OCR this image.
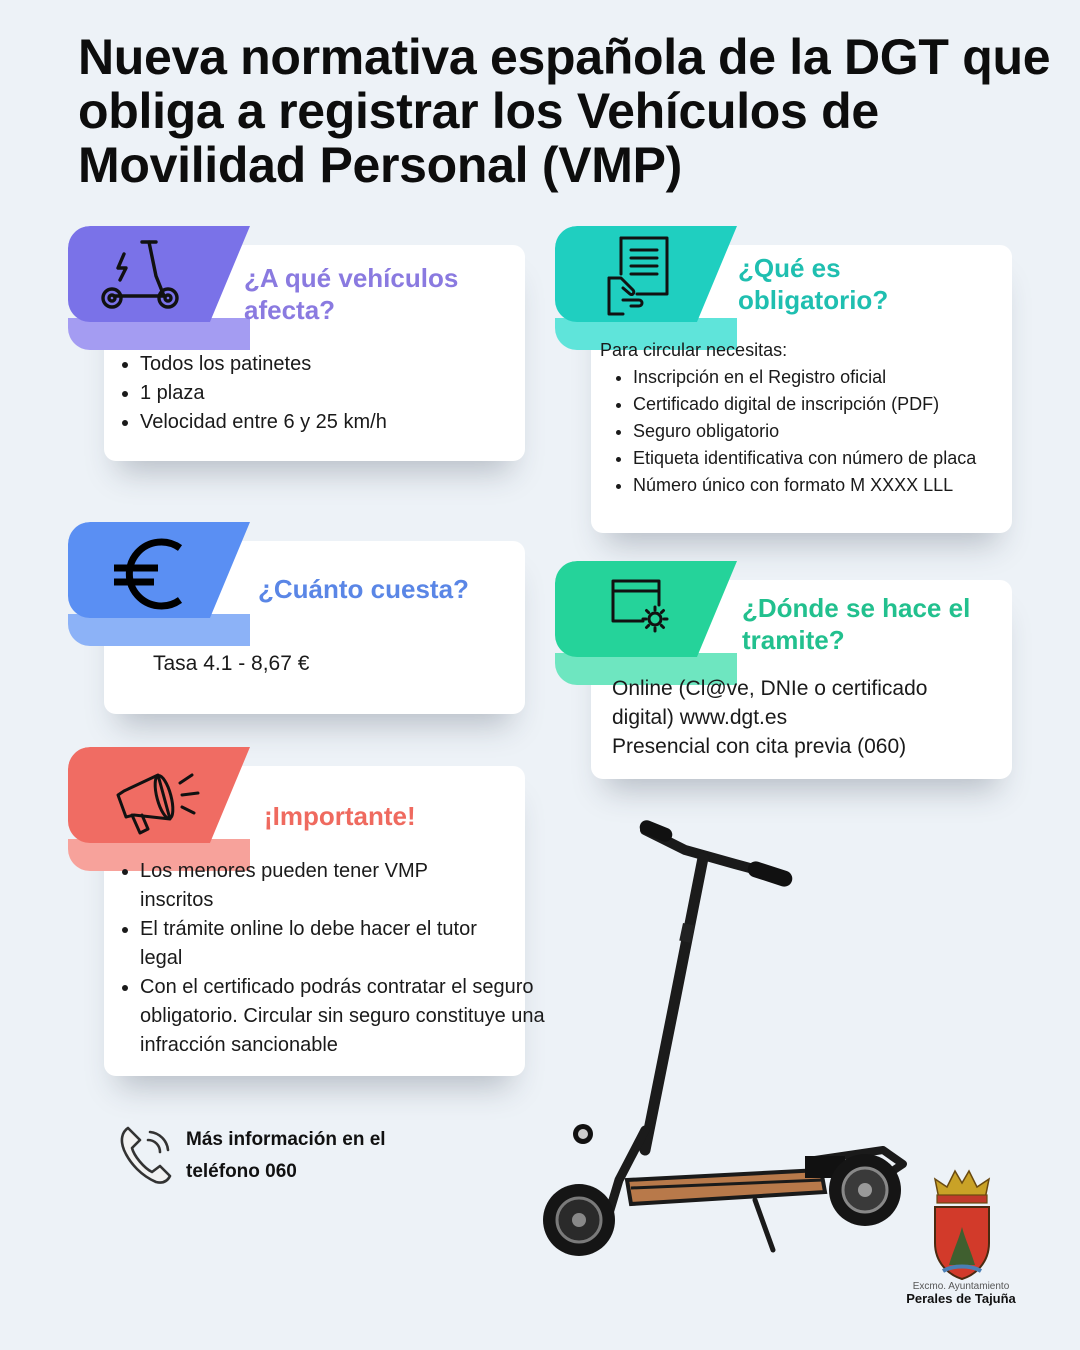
Nueva normativa española de la DGT que obliga a registrar los Vehículos de Movilidad Personal (VMP)
¿A qué vehículos afecta?
• Todos los patinetes
• 1 plaza
• Velocidad entre 6 y 25 km/h
¿Qué es obligatorio?
Para circular necesitas:
• Inscripción en el Registro oficial
• Certificado digital de inscripción (PDF)
• Seguro obligatorio
• Etiqueta identificativa con número de placa
• Número único con formato M XXXX LLL
¿Cuánto cuesta?
Tasa 4.1 - 8,67 €
¿Dónde se hace el tramite?
Online (Cl@ve, DNIe o certificado digital) www.dgt.es
Presencial con cita previa (060)
¡Importante!
• Los menores pueden tener VMP inscritos
• El trámite online lo debe hacer el tutor legal
• Con el certificado podrás contratar el seguro obligatorio. Circular sin seguro constituye una infracción sancionable
Más información en el
teléfono 060
Excmo. Ayuntamiento
Perales de Tajuña
